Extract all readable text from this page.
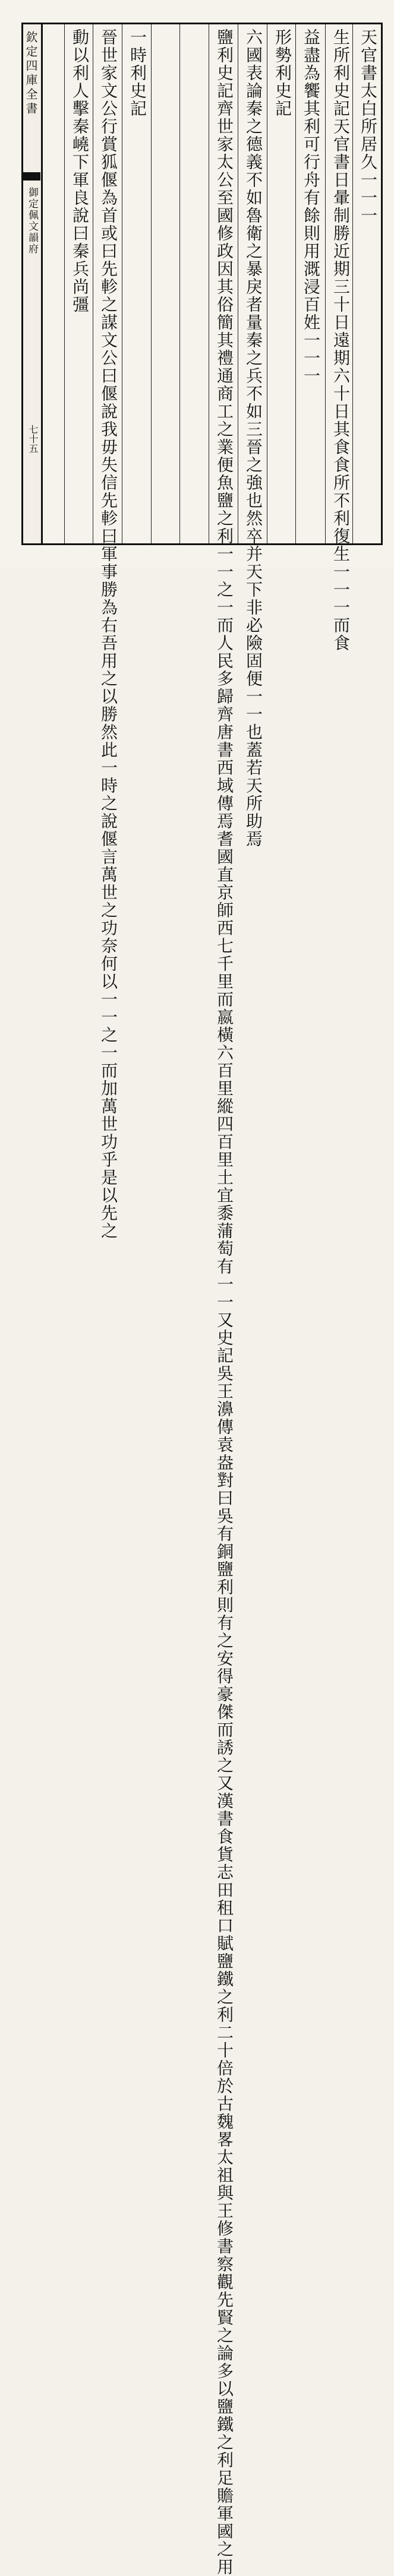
欽定四庫全書
御定佩文韻府
七十五
天官書太白所居久一一一
生所利史記天官書日暈制勝近期三十日遠期六十日其食食所不利復生一一一而食
益盡為饗其利可行舟有餘則用溉浸百姓一一一
形勢利史記
六國表論秦之德義不如魯衛之暴戾者量秦之兵不如三晉之強也然卒并天下非必險固便一一也蓋若天所助焉
鹽利史記齊世家太公至國修政因其俗簡其禮通商工之業便魚鹽之利一一之一而人民多歸齊唐書西域傳焉耆國直京師西七千里而嬴橫六百里縱四百里土宜黍蒲萄有一一又史記吳王濞傳袁盎對曰吳有銅鹽利則有之安得豪傑而誘之又漢書食貨志田租口賦鹽鐵之利二十倍於古魏畧太祖與王修書察觀先賢之論多以鹽鐵之利足贍軍國之用
一時利史記
晉世家文公行賞狐偃為首或曰先軫之謀文公曰偃說我毋失信先軫曰軍事勝為右吾用之以勝然此一時之說偃言萬世之功奈何以一一之一而加萬世功乎是以先之
動以利人擊秦嶢下軍良說曰秦兵尚彊
